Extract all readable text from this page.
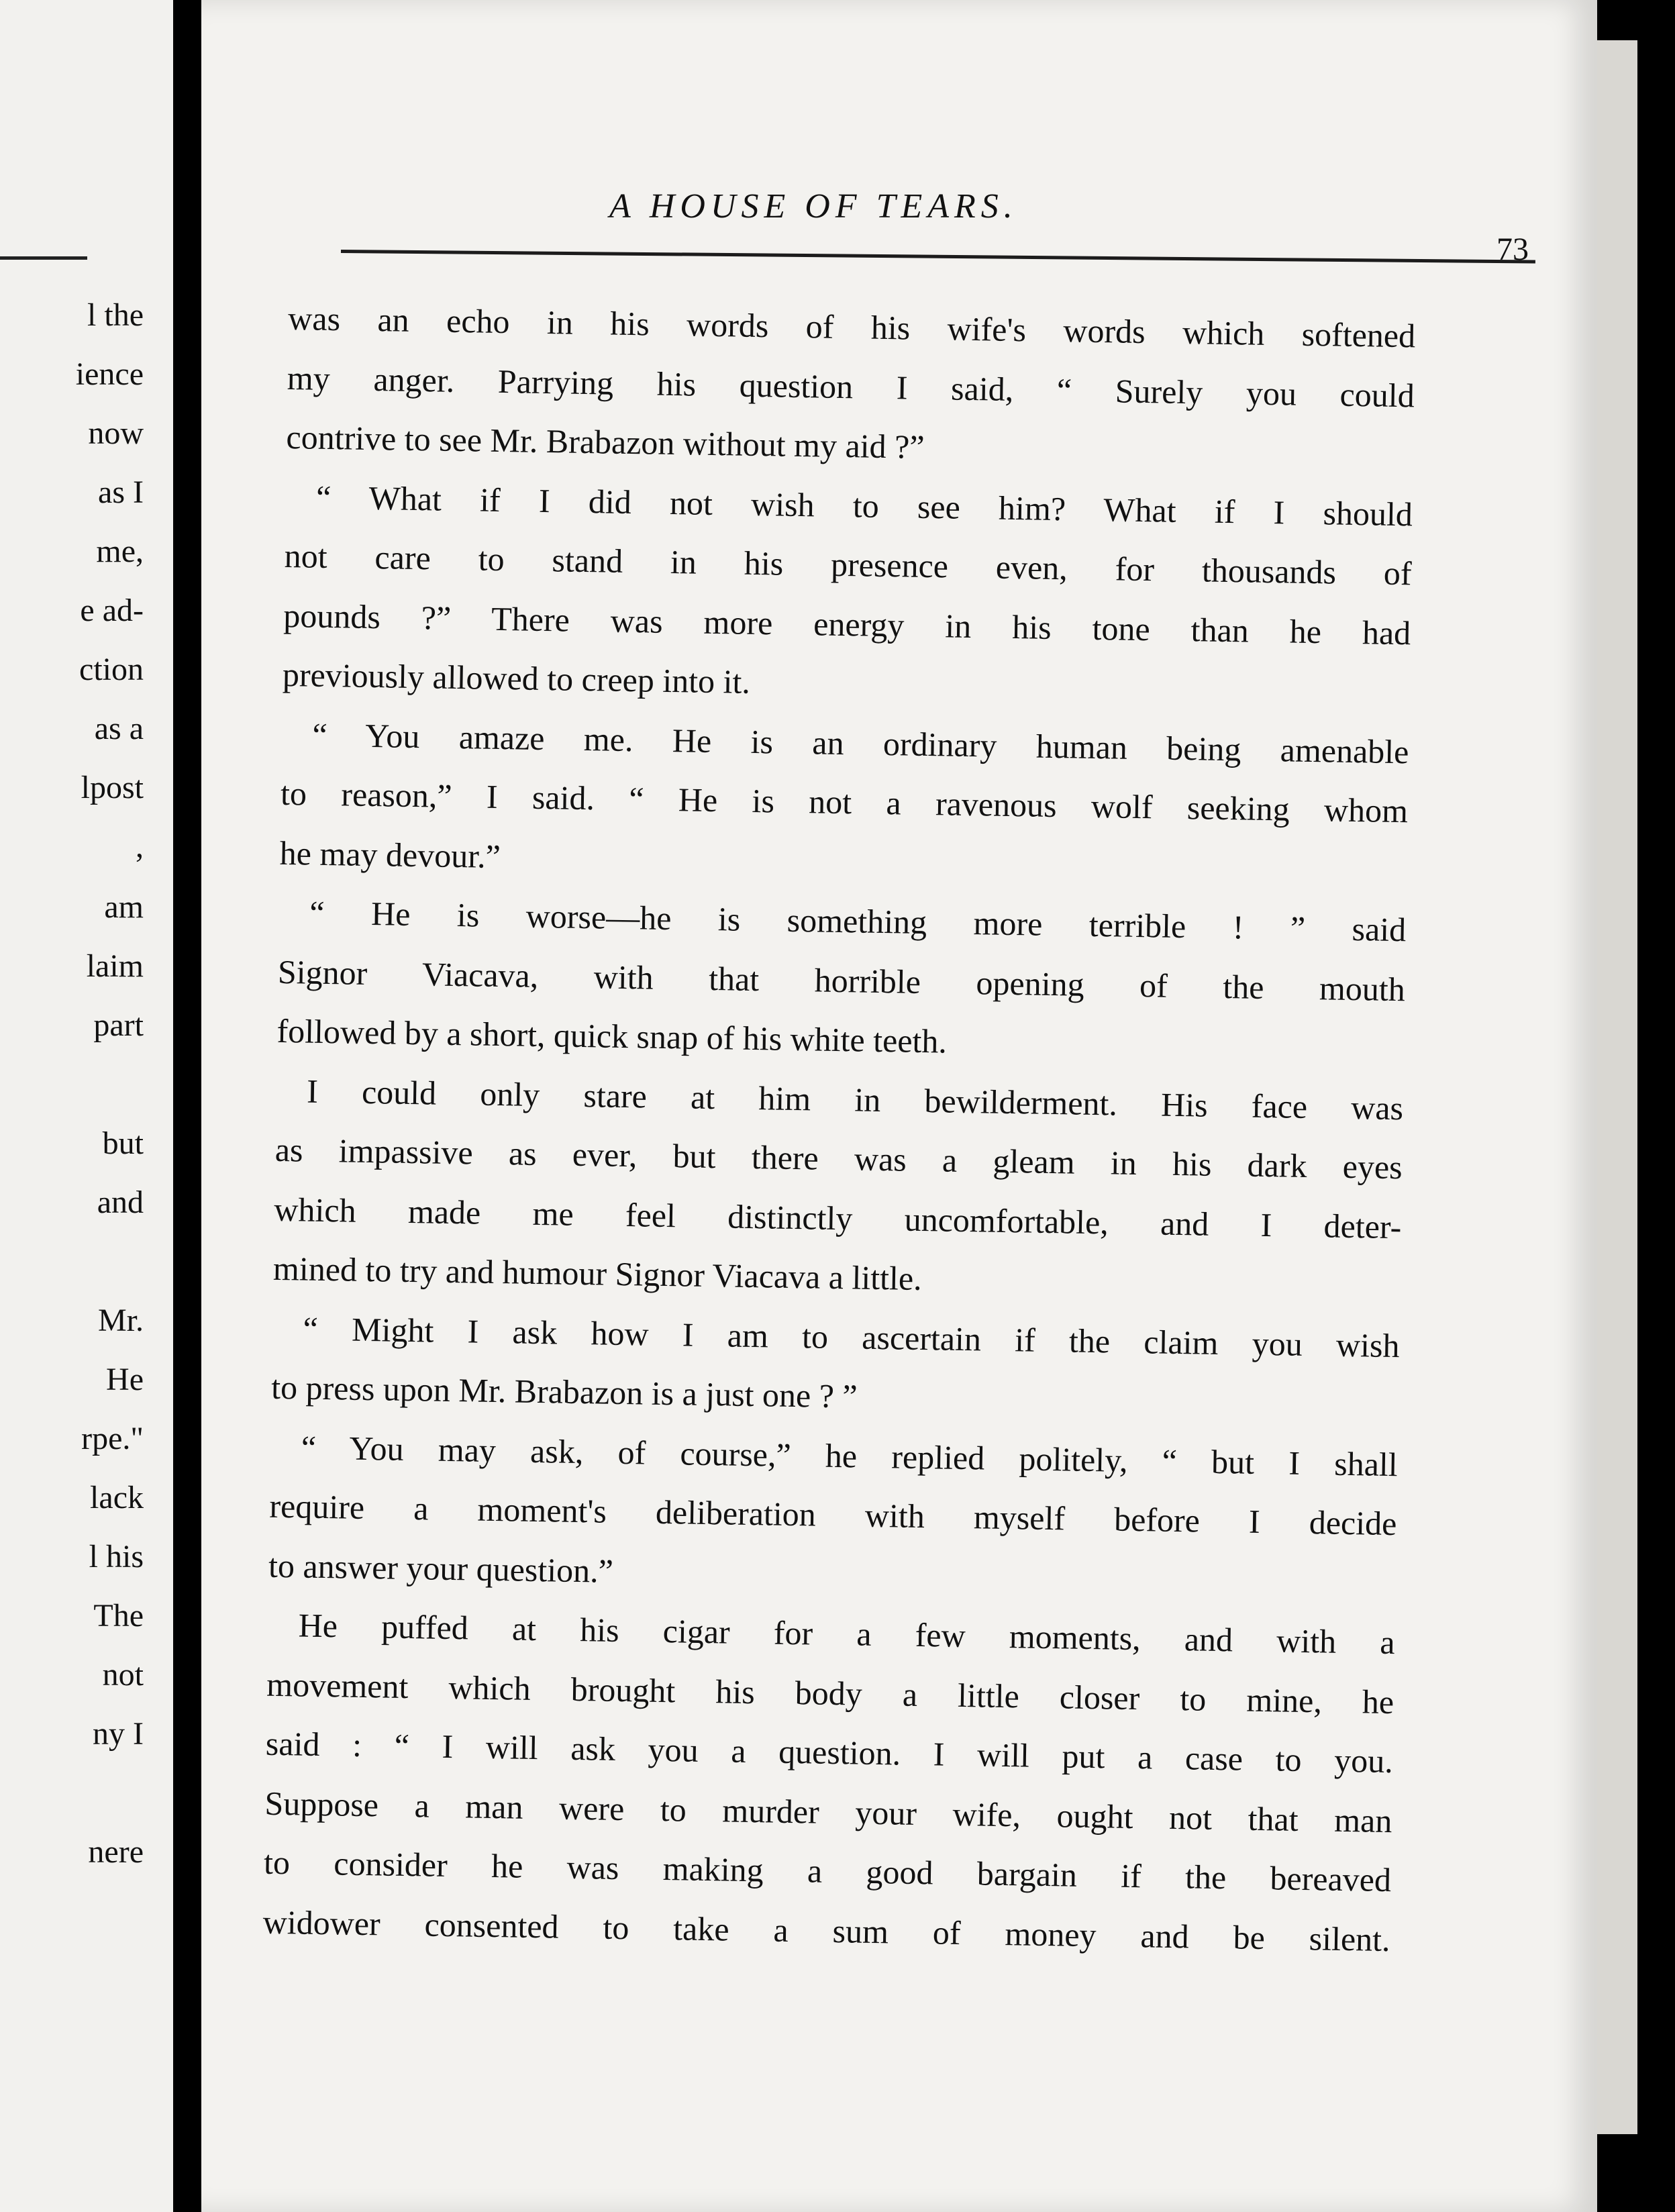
l the
ience
now
as I
me,
e ad-
ction
as a
lpost
,
am
laim
part
but
and
Mr.
He
rpe."
lack
l his
The
not
ny I
nere
A HOUSE OF TEARS.
73
was an echo in his words of his wife's words which softened
my anger. Parrying his question I said, “ Surely you could
contrive to see Mr. Brabazon without my aid ?”
“ What if I did not wish to see him? What if I should
not care to stand in his presence even, for thousands of
pounds ?” There was more energy in his tone than he had
previously allowed to creep into it.
“ You amaze me. He is an ordinary human being amenable
to reason,” I said. “ He is not a ravenous wolf seeking whom
he may devour.”
“ He is worse—he is something more terrible ! ” said
Signor Viacava, with that horrible opening of the mouth
followed by a short, quick snap of his white teeth.
I could only stare at him in bewilderment. His face was
as impassive as ever, but there was a gleam in his dark eyes
which made me feel distinctly uncomfortable, and I deter-
mined to try and humour Signor Viacava a little.
“ Might I ask how I am to ascertain if the claim you wish
to press upon Mr. Brabazon is a just one ? ”
“ You may ask, of course,” he replied politely, “ but I shall
require a moment's deliberation with myself before I decide
to answer your question.”
He puffed at his cigar for a few moments, and with a
movement which brought his body a little closer to mine, he
said : “ I will ask you a question. I will put a case to you.
Suppose a man were to murder your wife, ought not that man
to consider he was making a good bargain if the bereaved
widower consented to take a sum of money and be silent.
